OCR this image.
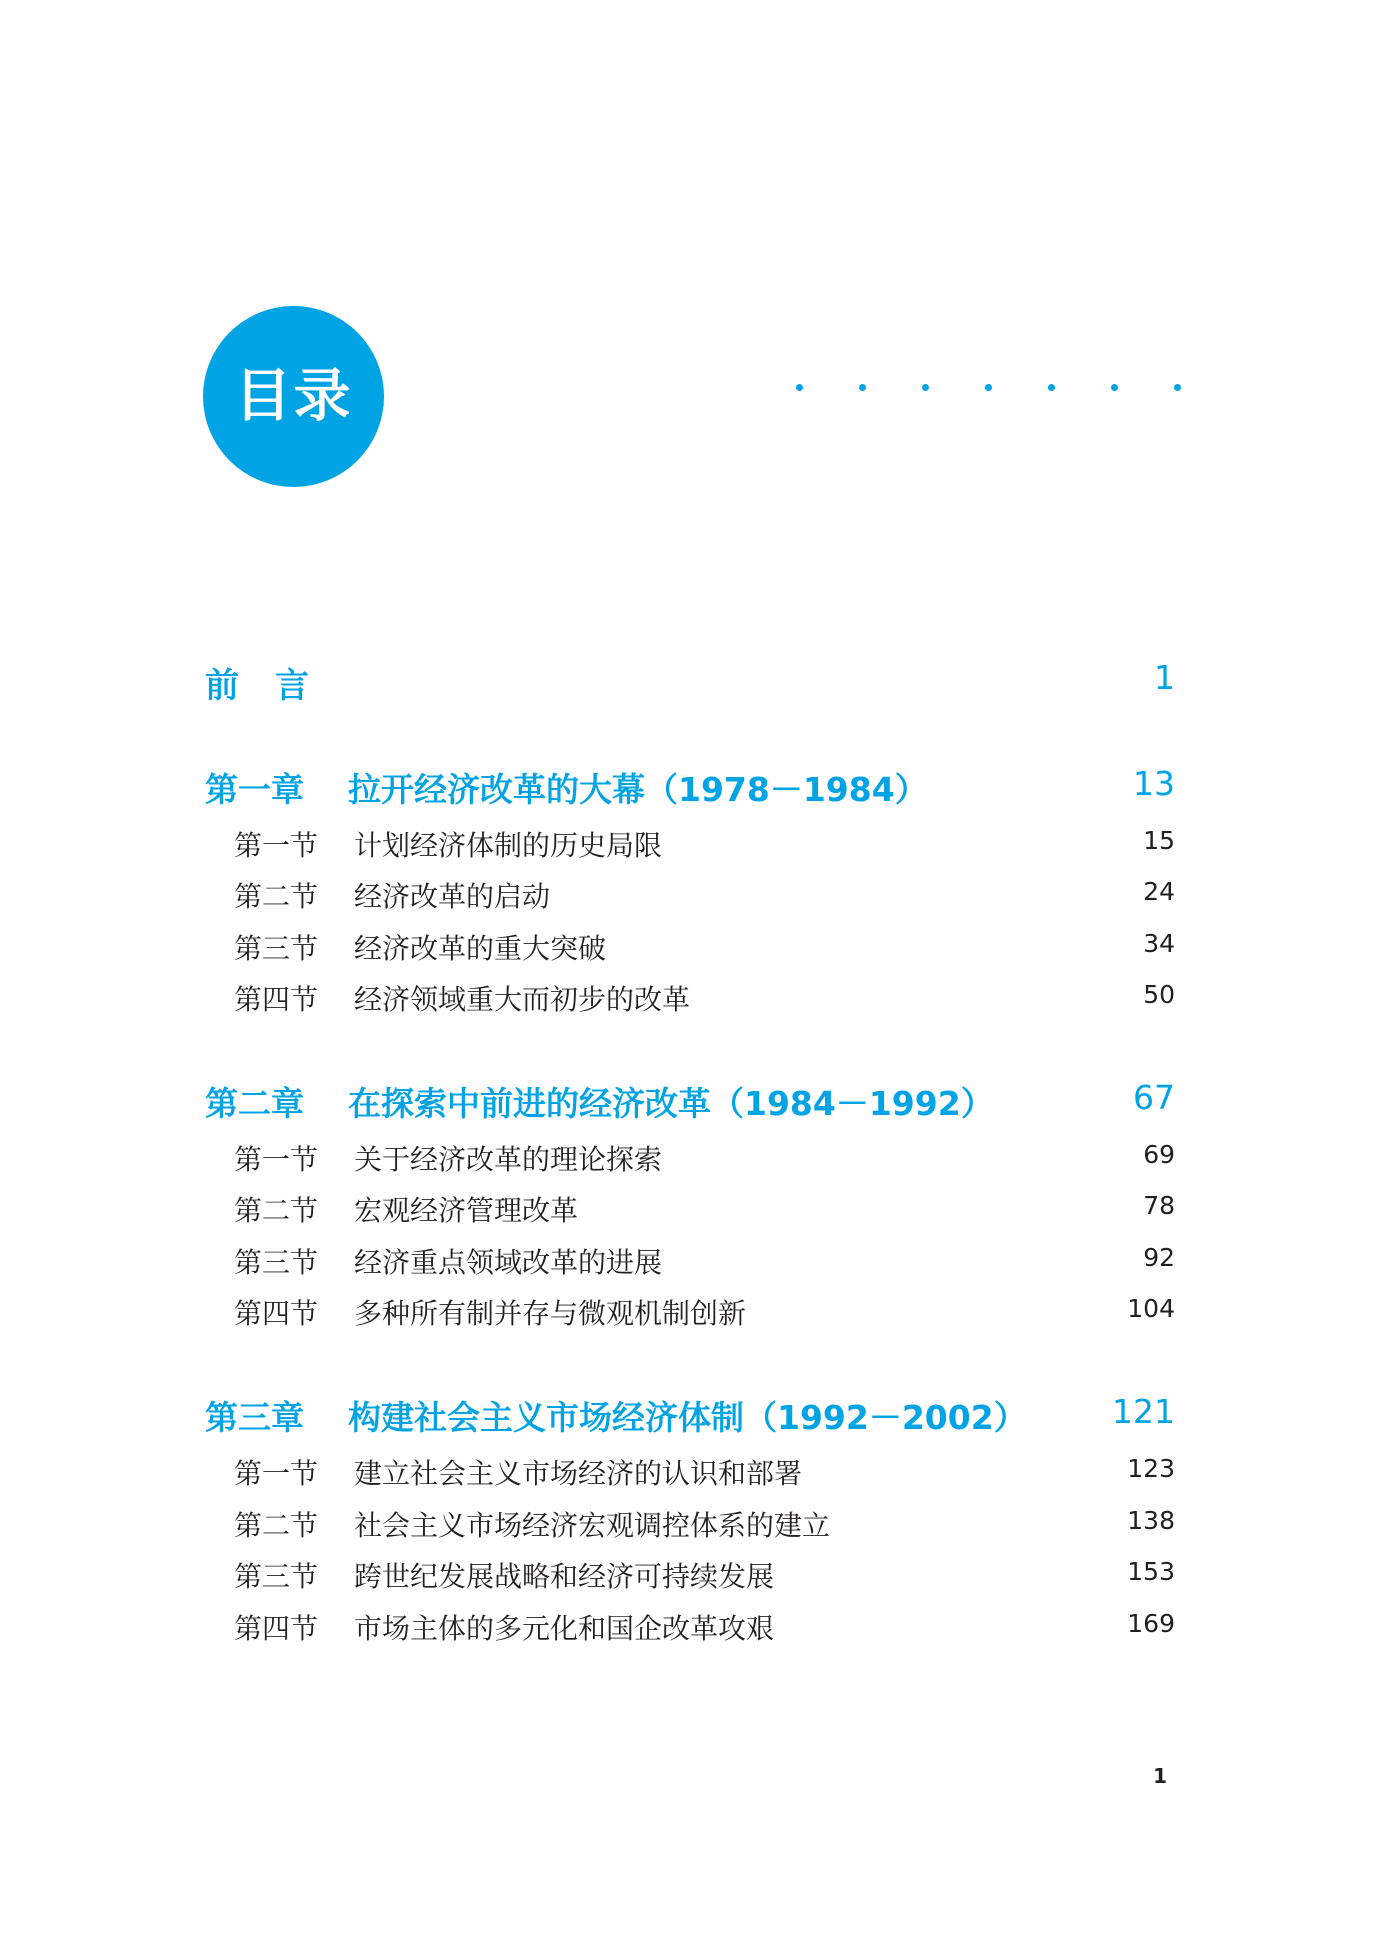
目录
前言	1
第一章 拉开经济改革的大幕（1978－1984）	13
第一节 计划经济体制的历史局限	15
第二节 经济改革的启动	24
第三节 经济改革的重大突破	34
第四节 经济领域重大而初步的改革	50
第二章 在探索中前进的经济改革（1984－1992）	67
第一节 关于经济改革的理论探索	69
第二节 宏观经济管理改革	78
第三节 经济重点领域改革的进展	92
第四节 多种所有制并存与微观机制创新	104
第三章 构建社会主义市场经济体制（1992－2002）	121
第一节 建立社会主义市场经济的认识和部署	123
第二节 社会主义市场经济宏观调控体系的建立	138
第三节 跨世纪发展战略和经济可持续发展	153
第四节 市场主体的多元化和国企改革攻艰	169
1
